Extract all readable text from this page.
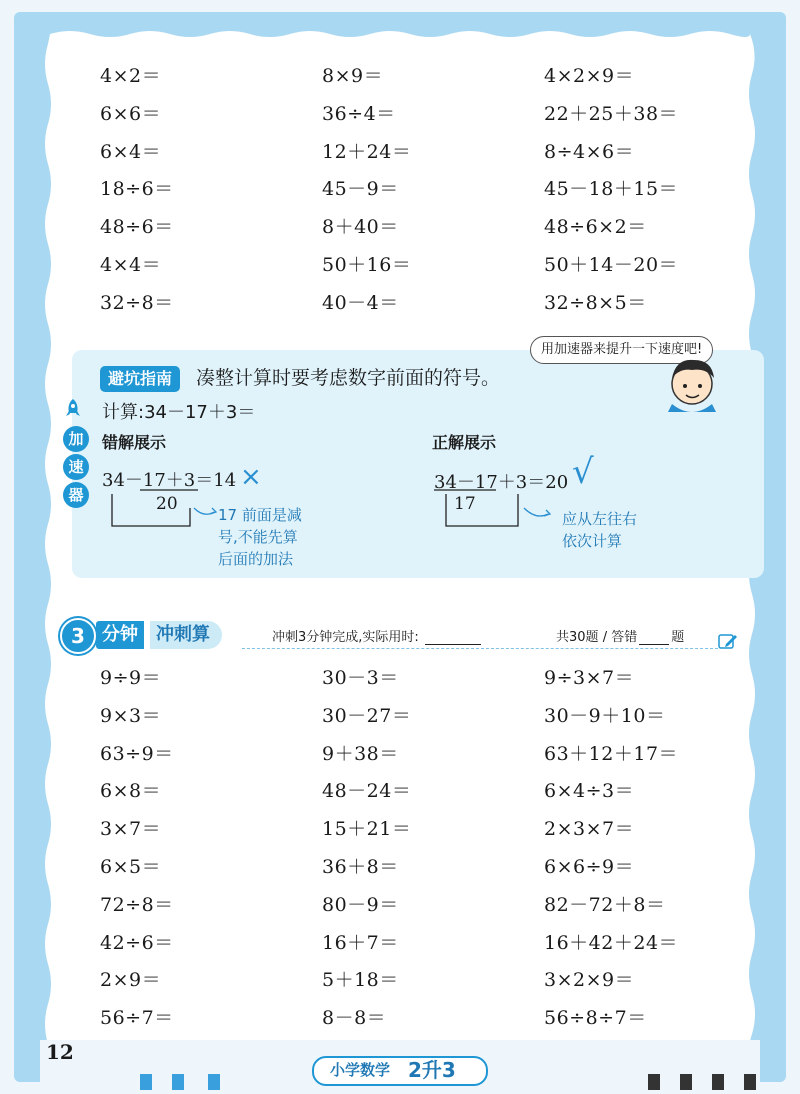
4×2＝	8×9＝	4×2×9＝
6×6＝	36÷4＝	22＋25＋38＝
6×4＝	12＋24＝	8÷4×6＝
18÷6＝	45－9＝	45－18＋15＝
48÷6＝	8＋40＝	48÷6×2＝
4×4＝	50＋16＝	50＋14－20＝
32÷8＝	40－4＝	32÷8×5＝
避坑指南	凑整计算时要考虑数字前面的符号。
用加速器来提升一下速度吧!
加
速
器
计算:34－17＋3＝
错解展示	正解展示
34－17＋3＝14 ×
20
34－17＋3＝20 √
17
17 前面是减
号,不能先算
后面的加法
应从左往右
依次计算
3	冲刺算
分钟	冲刺3分钟完成,实际用时:	共30题 / 答错	题
9÷9＝	30－3＝	9÷3×7＝
9×3＝	30－27＝	30－9＋10＝
63÷9＝	9＋38＝	63＋12＋17＝
6×8＝	48－24＝	6×4÷3＝
3×7＝	15＋21＝	2×3×7＝
6×5＝	36＋8＝	6×6÷9＝
72÷8＝	80－9＝	82－72＋8＝
42÷6＝	16＋7＝	16＋42＋24＝
2×9＝	5＋18＝	3×2×9＝
56÷7＝	8－8＝	56÷8÷7＝
12
小学数学 2升3
